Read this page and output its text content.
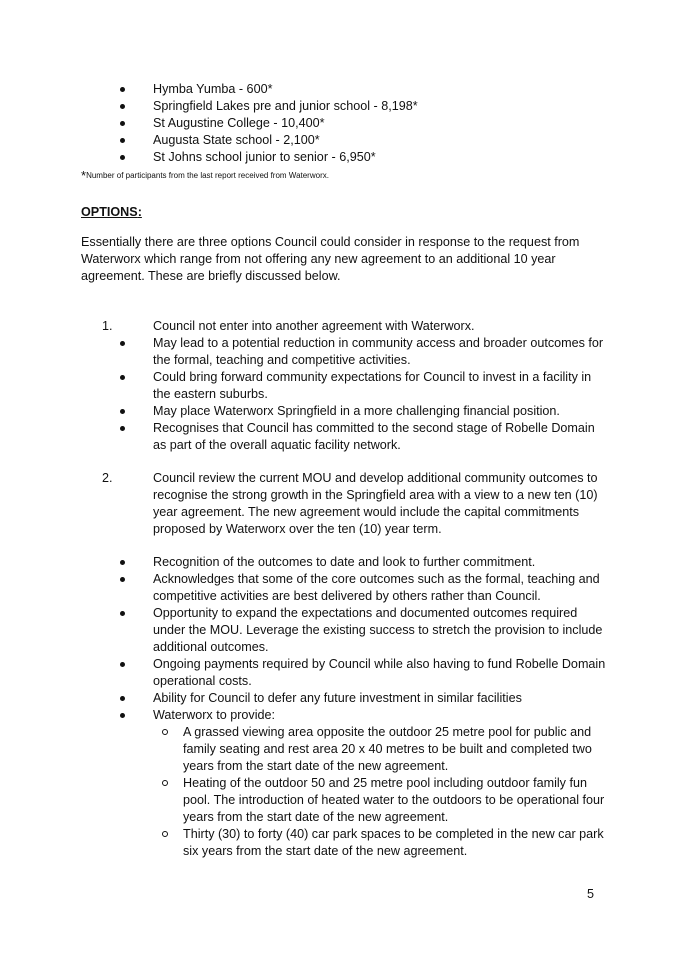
Hymba Yumba - 600*
Springfield Lakes pre and junior school - 8,198*
St Augustine College - 10,400*
Augusta State school - 2,100*
St Johns school junior to senior - 6,950*
*Number of participants from the last report received from Waterworx.
OPTIONS:

Essentially there are three options Council could consider in response to the request from Waterworx which range from not offering any new agreement to an additional 10 year agreement. These are briefly discussed below.

1.	Council not enter into another agreement with Waterworx.
May lead to a potential reduction in community access and broader outcomes for the formal, teaching and competitive activities.
Could bring forward community expectations for Council to invest in a facility in the eastern suburbs.
May place Waterworx Springfield in a more challenging financial position.
Recognises that Council has committed to the second stage of Robelle Domain as part of the overall aquatic facility network.
2.	Council review the current MOU and develop additional community outcomes to recognise the strong growth in the Springfield area with a view to a new ten (10) year agreement. The new agreement would include the capital commitments proposed by Waterworx over the ten (10) year term.
Recognition of the outcomes to date and look to further commitment.
Acknowledges that some of the core outcomes such as the formal, teaching and competitive activities are best delivered by others rather than Council.
Opportunity to expand the expectations and documented outcomes required under the MOU. Leverage the existing success to stretch the provision to include additional outcomes.
Ongoing payments required by Council while also having to fund Robelle Domain operational costs.
Ability for Council to defer any future investment in similar facilities
Waterworx to provide:
A grassed viewing area opposite the outdoor 25 metre pool for public and family seating and rest area 20 x 40 metres to be built and completed two years from the start date of the new agreement.
Heating of the outdoor 50 and 25 metre pool including outdoor family fun pool. The introduction of heated water to the outdoors to be operational four years from the start date of the new agreement.
Thirty (30) to forty (40) car park spaces to be completed in the new car park six years from the start date of the new agreement.
5
